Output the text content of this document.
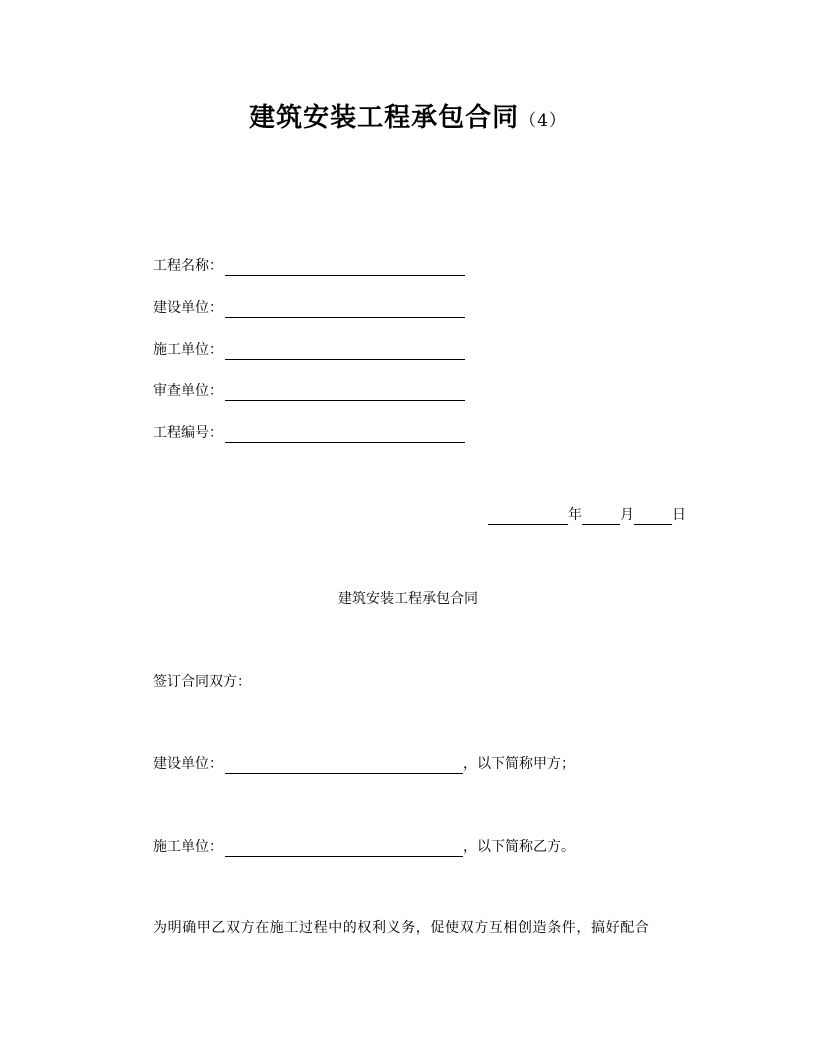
建筑安装工程承包合同（4）
工程名称：
建设单位：
施工单位：
审查单位：
工程编号：
年	月	日
建筑安装工程承包合同
签订合同双方：
建设单位：	，以下简称甲方；
施工单位：	，以下简称乙方。
为明确甲乙双方在施工过程中的权利义务，促使双方互相创造条件，搞好配合
